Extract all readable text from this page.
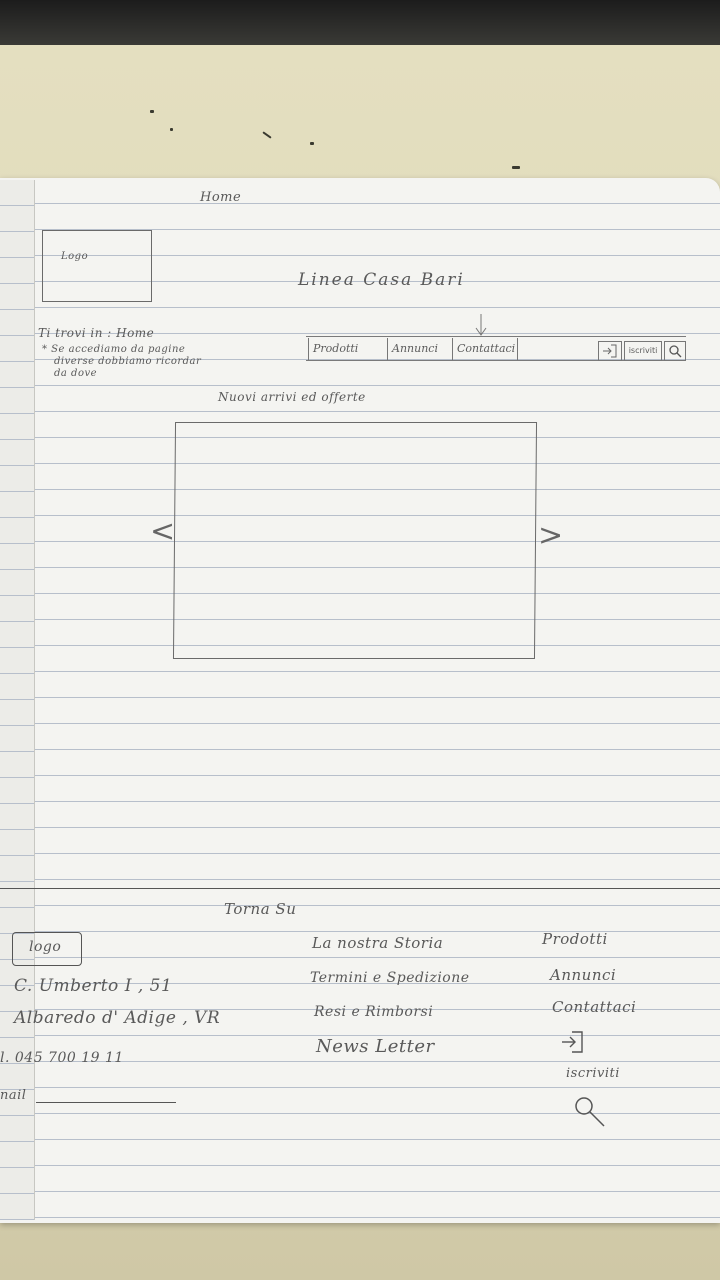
Home
Logo
Linea Casa Bari
Ti trovi in : Home
* Se accediamo da pagine
diverse dobbiamo ricordar
da dove
Prodotti	Annunci	Contattaci	iscriviti
Nuovi arrivi ed offerte
<	>
Torna Su
logo
C. Umberto I , 51
Albaredo d' Adige , VR
l. 045 700 19 11
nail
La nostra Storia
Termini e Spedizione
Resi e Rimborsi
News Letter
Prodotti
Annunci
Contattaci
iscriviti
